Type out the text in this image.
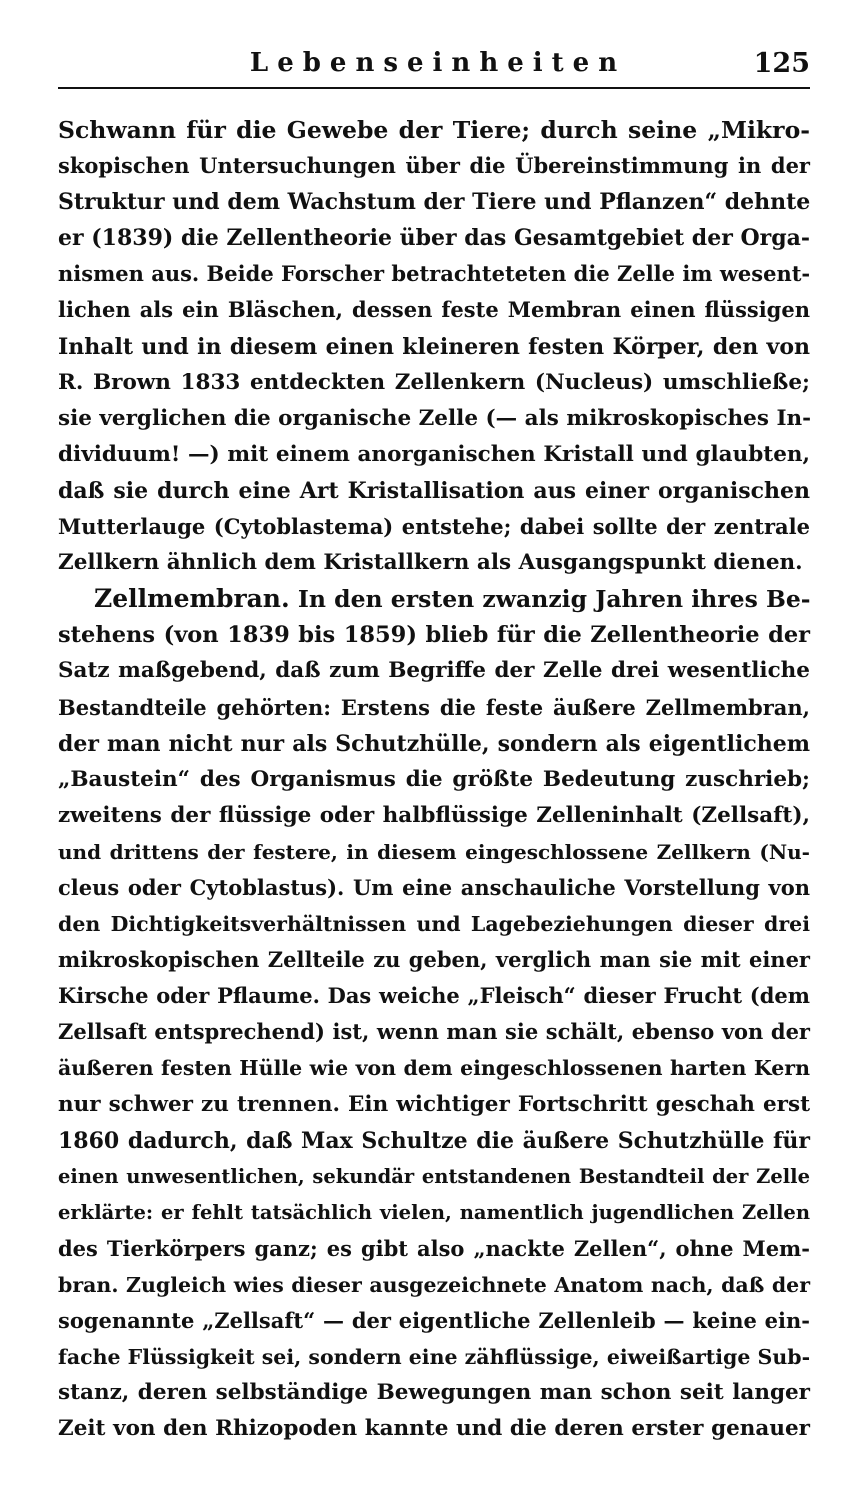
Lebenseinheiten	125
Schwann für die Gewebe der Tiere; durch seine „Mikro-
skopischen Untersuchungen über die Übereinstimmung in der
Struktur und dem Wachstum der Tiere und Pflanzen“ dehnte
er (1839) die Zellentheorie über das Gesamtgebiet der Orga-
nismen aus. Beide Forscher betrachteteten die Zelle im wesent-
lichen als ein Bläschen, dessen feste Membran einen flüssigen
Inhalt und in diesem einen kleineren festen Körper, den von
R. Brown 1833 entdeckten Zellenkern (Nucleus) umschließe;
sie verglichen die organische Zelle (— als mikroskopisches In-
dividuum! —) mit einem anorganischen Kristall und glaubten,
daß sie durch eine Art Kristallisation aus einer organischen
Mutterlauge (Cytoblastema) entstehe; dabei sollte der zentrale
Zellkern ähnlich dem Kristallkern als Ausgangspunkt dienen.
Zellmembran. In den ersten zwanzig Jahren ihres Be-
stehens (von 1839 bis 1859) blieb für die Zellentheorie der
Satz maßgebend, daß zum Begriffe der Zelle drei wesentliche
Bestandteile gehörten: Erstens die feste äußere Zellmembran,
der man nicht nur als Schutzhülle, sondern als eigentlichem
„Baustein“ des Organismus die größte Bedeutung zuschrieb;
zweitens der flüssige oder halbflüssige Zelleninhalt (Zellsaft),
und drittens der festere, in diesem eingeschlossene Zellkern (Nu-
cleus oder Cytoblastus). Um eine anschauliche Vorstellung von
den Dichtigkeitsverhältnissen und Lagebeziehungen dieser drei
mikroskopischen Zellteile zu geben, verglich man sie mit einer
Kirsche oder Pflaume. Das weiche „Fleisch“ dieser Frucht (dem
Zellsaft entsprechend) ist, wenn man sie schält, ebenso von der
äußeren festen Hülle wie von dem eingeschlossenen harten Kern
nur schwer zu trennen. Ein wichtiger Fortschritt geschah erst
1860 dadurch, daß Max Schultze die äußere Schutzhülle für
einen unwesentlichen, sekundär entstandenen Bestandteil der Zelle
erklärte: er fehlt tatsächlich vielen, namentlich jugendlichen Zellen
des Tierkörpers ganz; es gibt also „nackte Zellen“, ohne Mem-
bran. Zugleich wies dieser ausgezeichnete Anatom nach, daß der
sogenannte „Zellsaft“ — der eigentliche Zellenleib — keine ein-
fache Flüssigkeit sei, sondern eine zähflüssige, eiweißartige Sub-
stanz, deren selbständige Bewegungen man schon seit langer
Zeit von den Rhizopoden kannte und die deren erster genauer
